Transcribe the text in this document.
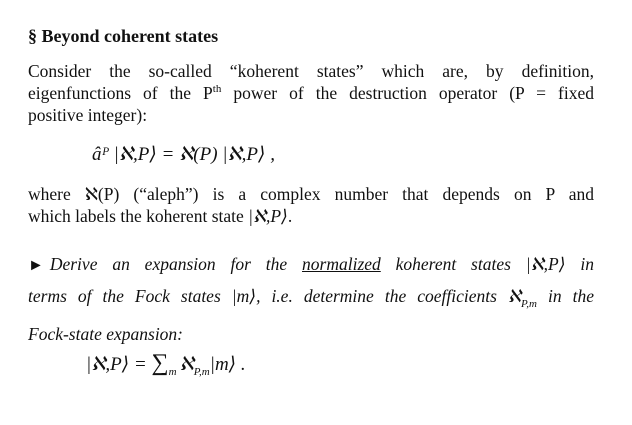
§ Beyond coherent states
Consider the so-called “koherent states” which are, by definition,
eigenfunctions of the $P^{th}$ power of the destruction operator (P = fixed
positive integer):
âᴾ |ℵ,P⟩ = ℵ(P) |ℵ,P⟩ ,
where ℵ(P) (“aleph”) is a complex number that depends on P and
which labels the koherent state |ℵ,P⟩.
► Derive an expansion for the normalized koherent states |ℵ,P⟩ in
terms of the Fock states |m⟩, i.e. determine the coefficients ℵ$_{P,m}$ in the
Fock-state expansion:
|ℵ,P⟩ = $\sum_m$ ℵ$_{P,m}$|m⟩ .
